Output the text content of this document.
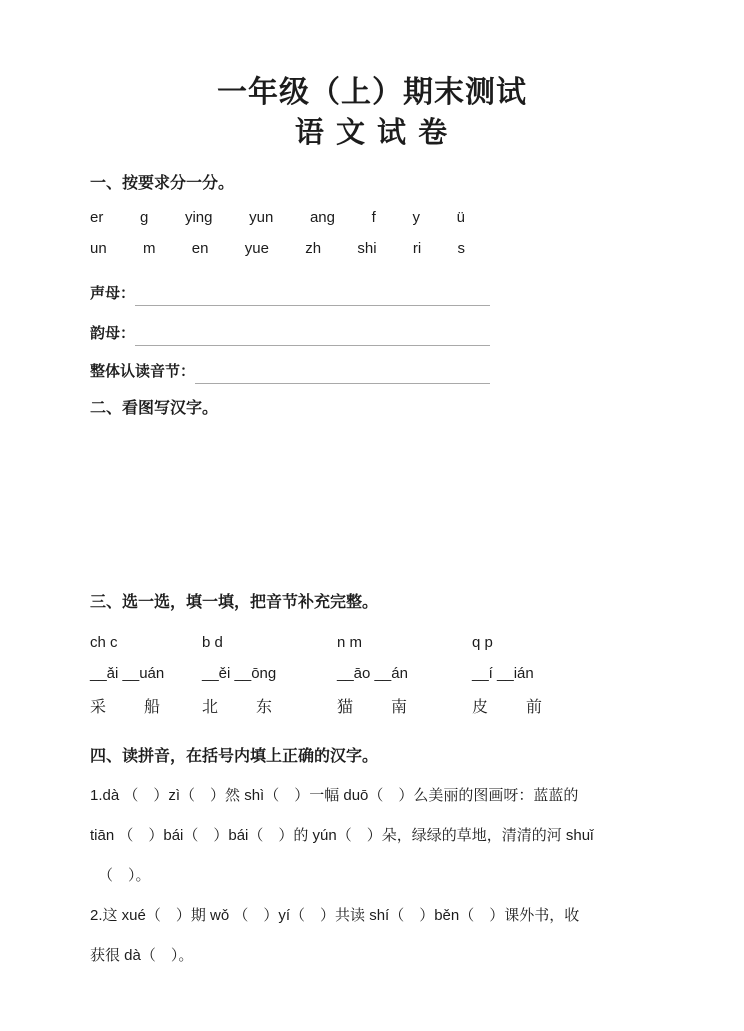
一年级（上）期末测试
语 文 试 卷
一、按要求分一分。
er g ying yun ang f y ü
un m en yue zh shi ri s
声母：
韵母：
整体认读音节：
二、看图写汉字。
三、选一选，填一填，把音节补充完整。
ch c	b d	n m	q p
__ǎi __uán	__ěi __ōng	__āo __án	__í __ián
采 船	北 东	猫 南	皮 前
四、读拼音，在括号内填上正确的汉字。
1.dà （　）zì（　）然 shì（　）一幅 duō（　）么美丽的图画呀：蓝蓝的
tiān （　）bái（　）bái（　）的 yún（　）朵，绿绿的草地，清清的河 shuǐ
（　）。
2.这 xué（　）期 wǒ （　）yí（　）共读 shí（　）běn（　）课外书，收
获很 dà（　）。
